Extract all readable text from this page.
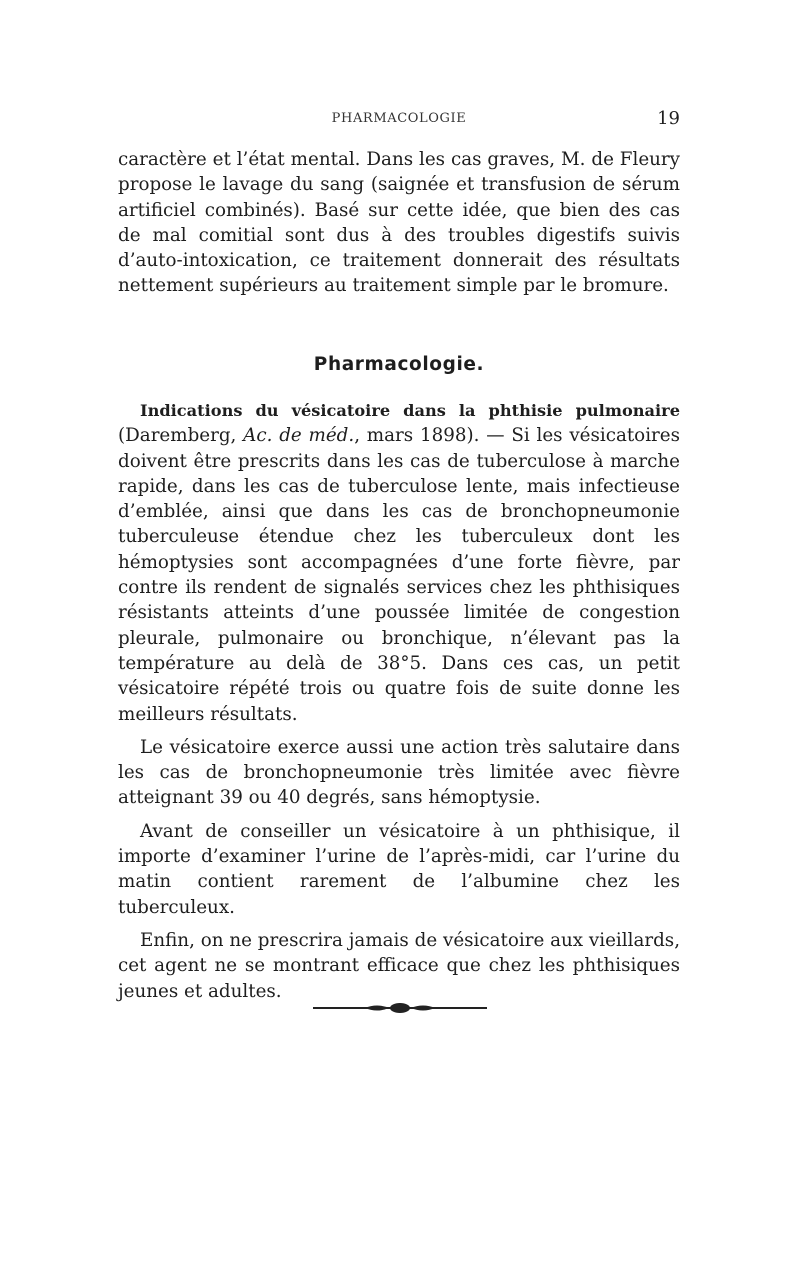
PHARMACOLOGIE	19

caractère et l’état mental. Dans les cas graves, M. de Fleury propose le lavage du sang (saignée et transfusion de sérum artificiel combinés). Basé sur cette idée, que bien des cas de mal comitial sont dus à des troubles digestifs suivis d’auto-intoxication, ce traitement donnerait des résultats nettement supérieurs au traitement simple par le bromure.

Pharmacologie.

Indications du vésicatoire dans la phthisie pulmonaire (Daremberg, Ac. de méd., mars 1898). — Si les vésicatoires doivent être prescrits dans les cas de tuberculose à marche rapide, dans les cas de tuberculose lente, mais infectieuse d’emblée, ainsi que dans les cas de bronchopneumonie tuberculeuse étendue chez les tuberculeux dont les hémoptysies sont accompagnées d’une forte fièvre, par contre ils rendent de signalés services chez les phthisiques résistants atteints d’une poussée limitée de congestion pleurale, pulmonaire ou bronchique, n’élevant pas la température au delà de 38°5. Dans ces cas, un petit vésicatoire répété trois ou quatre fois de suite donne les meilleurs résultats.

Le vésicatoire exerce aussi une action très salutaire dans les cas de bronchopneumonie très limitée avec fièvre atteignant 39 ou 40 degrés, sans hémoptysie.

Avant de conseiller un vésicatoire à un phthisique, il importe d’examiner l’urine de l’après-midi, car l’urine du matin contient rarement de l’albumine chez les tuberculeux.

Enfin, on ne prescrira jamais de vésicatoire aux vieillards, cet agent ne se montrant efficace que chez les phthisiques jeunes et adultes.
